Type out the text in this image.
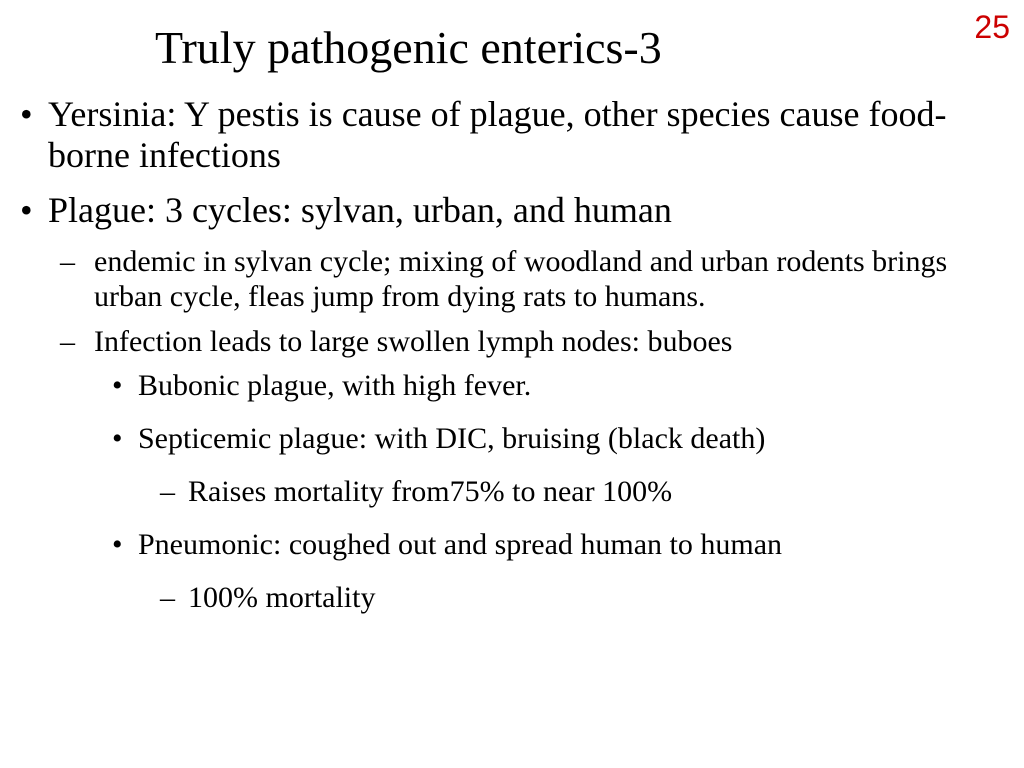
25
Truly pathogenic enterics-3
• Yersinia: Y pestis is cause of plague, other species cause food-borne infections
• Plague: 3 cycles: sylvan, urban, and human
– endemic in sylvan cycle; mixing of woodland and urban rodents brings urban cycle, fleas jump from dying rats to humans.
– Infection leads to large swollen lymph nodes: buboes
• Bubonic plague, with high fever.
• Septicemic plague: with DIC, bruising (black death)
– Raises mortality from75% to near 100%
• Pneumonic: coughed out and spread human to human
– 100% mortality
